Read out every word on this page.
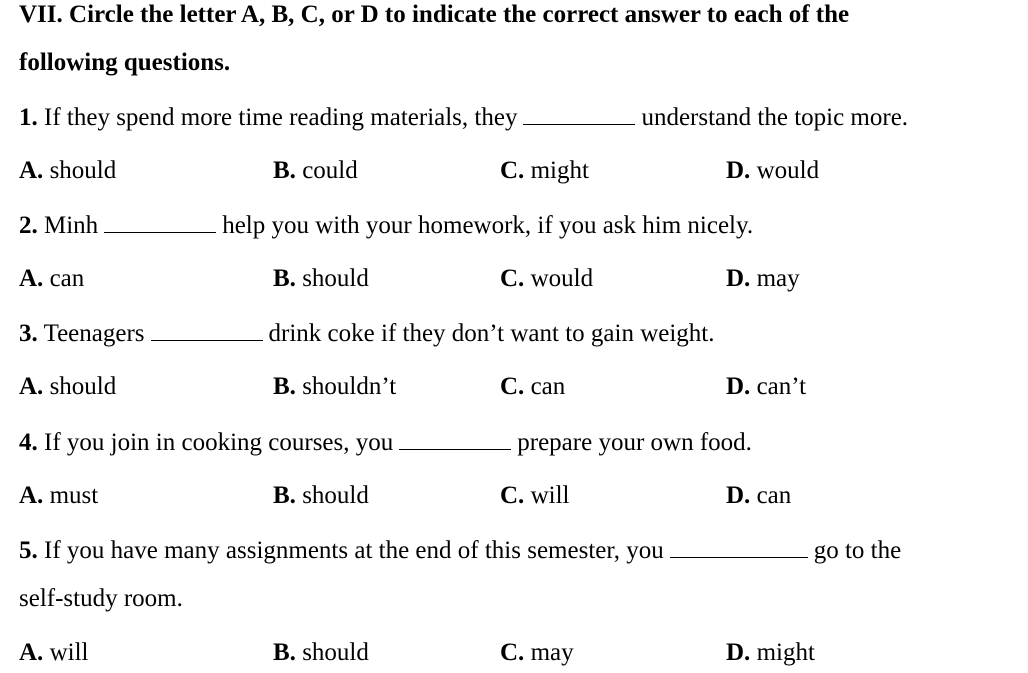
VII. Circle the letter A, B, C, or D to indicate the correct answer to each of the
following questions.
1. If they spend more time reading materials, they	understand the topic more.
A. should	B. could	C. might	D. would
2. Minh	help you with your homework, if you ask him nicely.
A. can	B. should	C. would	D. may
3. Teenagers	drink coke if they don’t want to gain weight.
A. should	B. shouldn’t	C. can	D. can’t
4. If you join in cooking courses, you	prepare your own food.
A. must	B. should	C. will	D. can
5. If you have many assignments at the end of this semester, you	go to the
self-study room.
A. will	B. should	C. may	D. might
